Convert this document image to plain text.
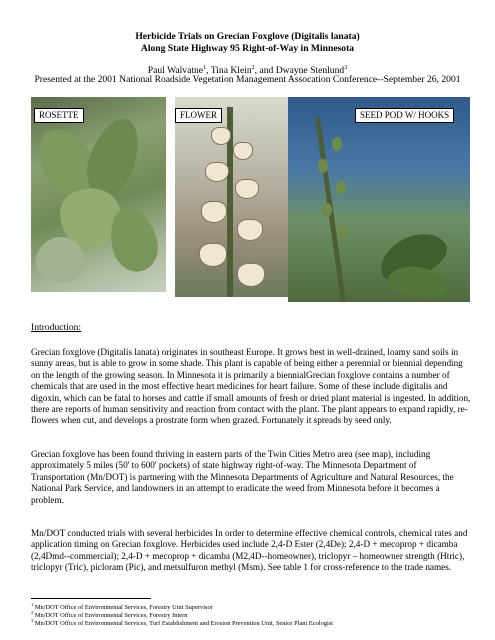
Herbicide Trials on Grecian Foxglove (Digitalis lanata)
Along State Highway 95 Right-of-Way in Minnesota
Paul Walvatne$^1$, Tina Klein$^2$, and Dwayne Stenlund$^3$
Presented at the 2001 National Roadside Vegetation Management Assocation Conference--September 26, 2001
ROSETTE	FLOWER	SEED POD W/ HOOKS
Introduction:

Grecian foxglove (Digitalis lanata) originates in southeast Europe. It grows best in well-drained, loamy sand soils in sunny areas, but is able to grow in some shade. This plant is capable of being either a perennial or biennial depending on the length of the growing season. In Minnesota it is primarily a biennialGrecian foxglove contains a number of chemicals that are used in the most effective heart medicines for heart failure. Some of these include digitalis and digoxin, which can be fatal to horses and cattle if small amounts of fresh or dried plant material is ingested. In addition, there are reports of human sensitivity and reaction from contact with the plant. The plant appears to expand rapidly, re-flowers when cut, and develops a prostrate form when grazed. Fortunately it spreads by seed only.

Grecian foxglove has been found thriving in eastern parts of the Twin Cities Metro area (see map), including approximately 5 miles (50' to 600' pockets) of state highway right-of-way. The Minnesota Department of Transportation (Mn/DOT) is partnering with the Minnesota Departments of Agriculture and Natural Resources, the National Park Service, and landowners in an attempt to eradicate the weed from Minnesota before it becomes a problem.

Mn/DOT conducted trials with several herbicides In order to determine effective chemical controls, chemical rates and application timing on Grecian foxglove. Herbicides used include 2,4-D Ester (2,4De); 2,4-D + mecoprop + dicamba (2,4Dmd--commercial); 2,4-D + mecoprop + dicamba (M2,4D--homeowner), triclopyr – homeowner strength (Htric), triclopyr (Tric), picloram (Pic), and metsulfuron methyl (Msm). See table 1 for cross-reference to the trade names.

$^1$ Mn/DOT Office of Environmental Services, Forestry Unit Supervisor
$^2$ Mn/DOT Office of Environmental Services, Forestry Intern
$^3$ Mn/DOT Office of Environmental Services, Turf Establishment and Erosion Prevention Unit, Senior Plant Ecologist
